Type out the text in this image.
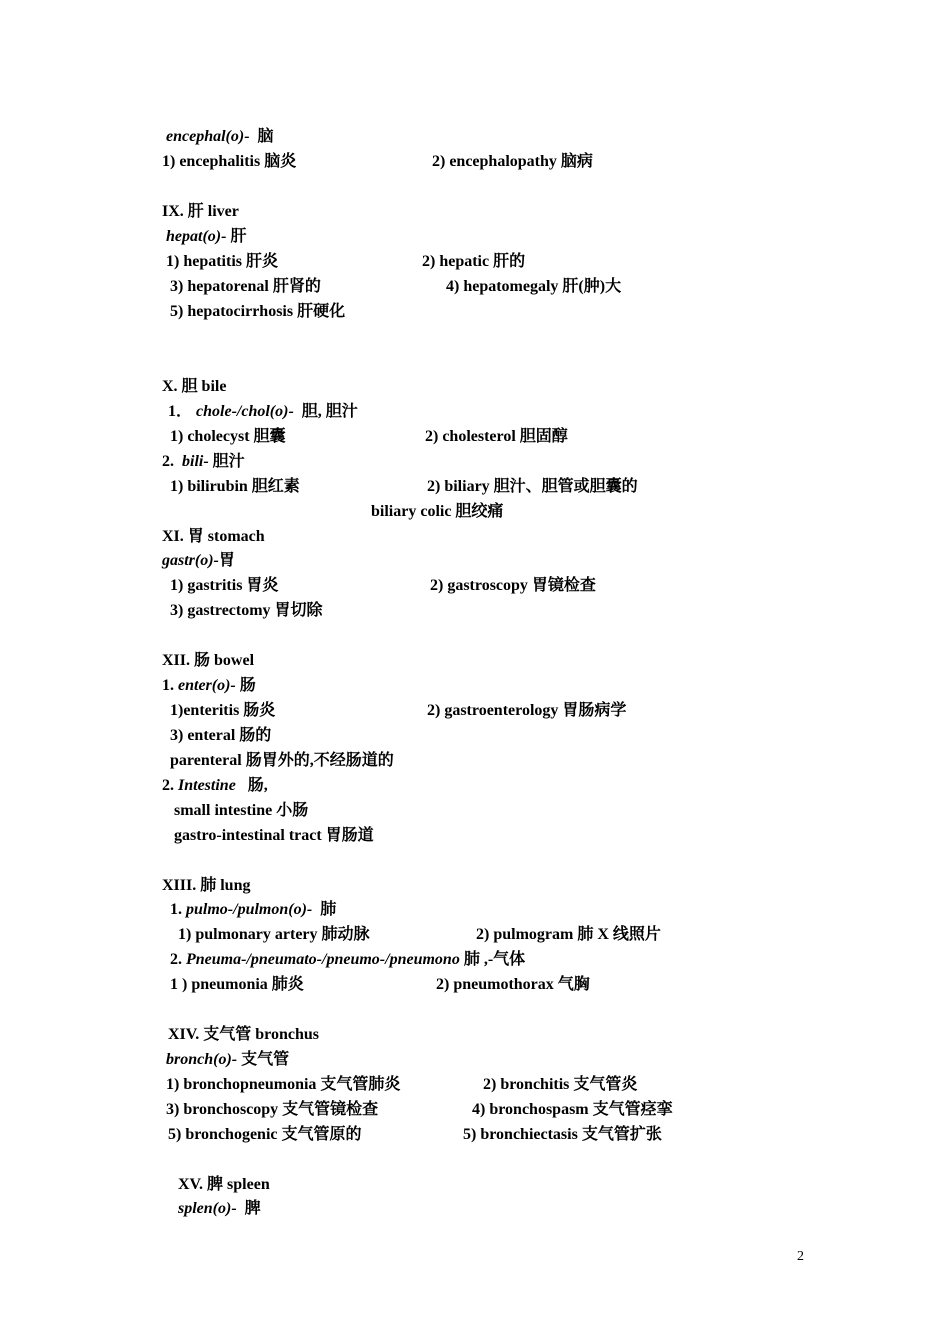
encephal(o)- 脑
1) encephalitis 脑炎	2) encephalopathy 脑病
IX. 肝 liver
hepat(o)- 肝
1) hepatitis 肝炎	2) hepatic 肝的
3) hepatorenal 肝肾的	4) hepatomegaly 肝(肿)大
5) hepatocirrhosis 肝硬化
X. 胆 bile
1． chole-/chol(o)- 胆, 胆汁
1) cholecyst 胆囊	2) cholesterol 胆固醇
2. bili- 胆汁
1) bilirubin 胆红素	2) biliary 胆汁、胆管或胆囊的
biliary colic 胆绞痛
XI. 胃 stomach
gastr(o)-胃
1) gastritis 胃炎	2) gastroscopy 胃镜检查
3) gastrectomy 胃切除
XII. 肠 bowel
1. enter(o)- 肠
1)enteritis 肠炎	2) gastroenterology 胃肠病学
3) enteral 肠的
parenteral 肠胃外的,不经肠道的
2. Intestine 肠,
small intestine 小肠
gastro-intestinal tract 胃肠道
XIII. 肺 lung
1. pulmo-/pulmon(o)- 肺
1) pulmonary artery 肺动脉	2) pulmogram 肺 X 线照片
2. Pneuma-/pneumato-/pneumo-/pneumono 肺 ,-气体
1 ) pneumonia 肺炎	2) pneumothorax 气胸
XIV. 支气管 bronchus
bronch(o)- 支气管
1) bronchopneumonia 支气管肺炎	2) bronchitis 支气管炎
3) bronchoscopy 支气管镜检查	4) bronchospasm 支气管痉挛
5) bronchogenic 支气管原的	5) bronchiectasis 支气管扩张
XV. 脾 spleen
splen(o)- 脾
2
